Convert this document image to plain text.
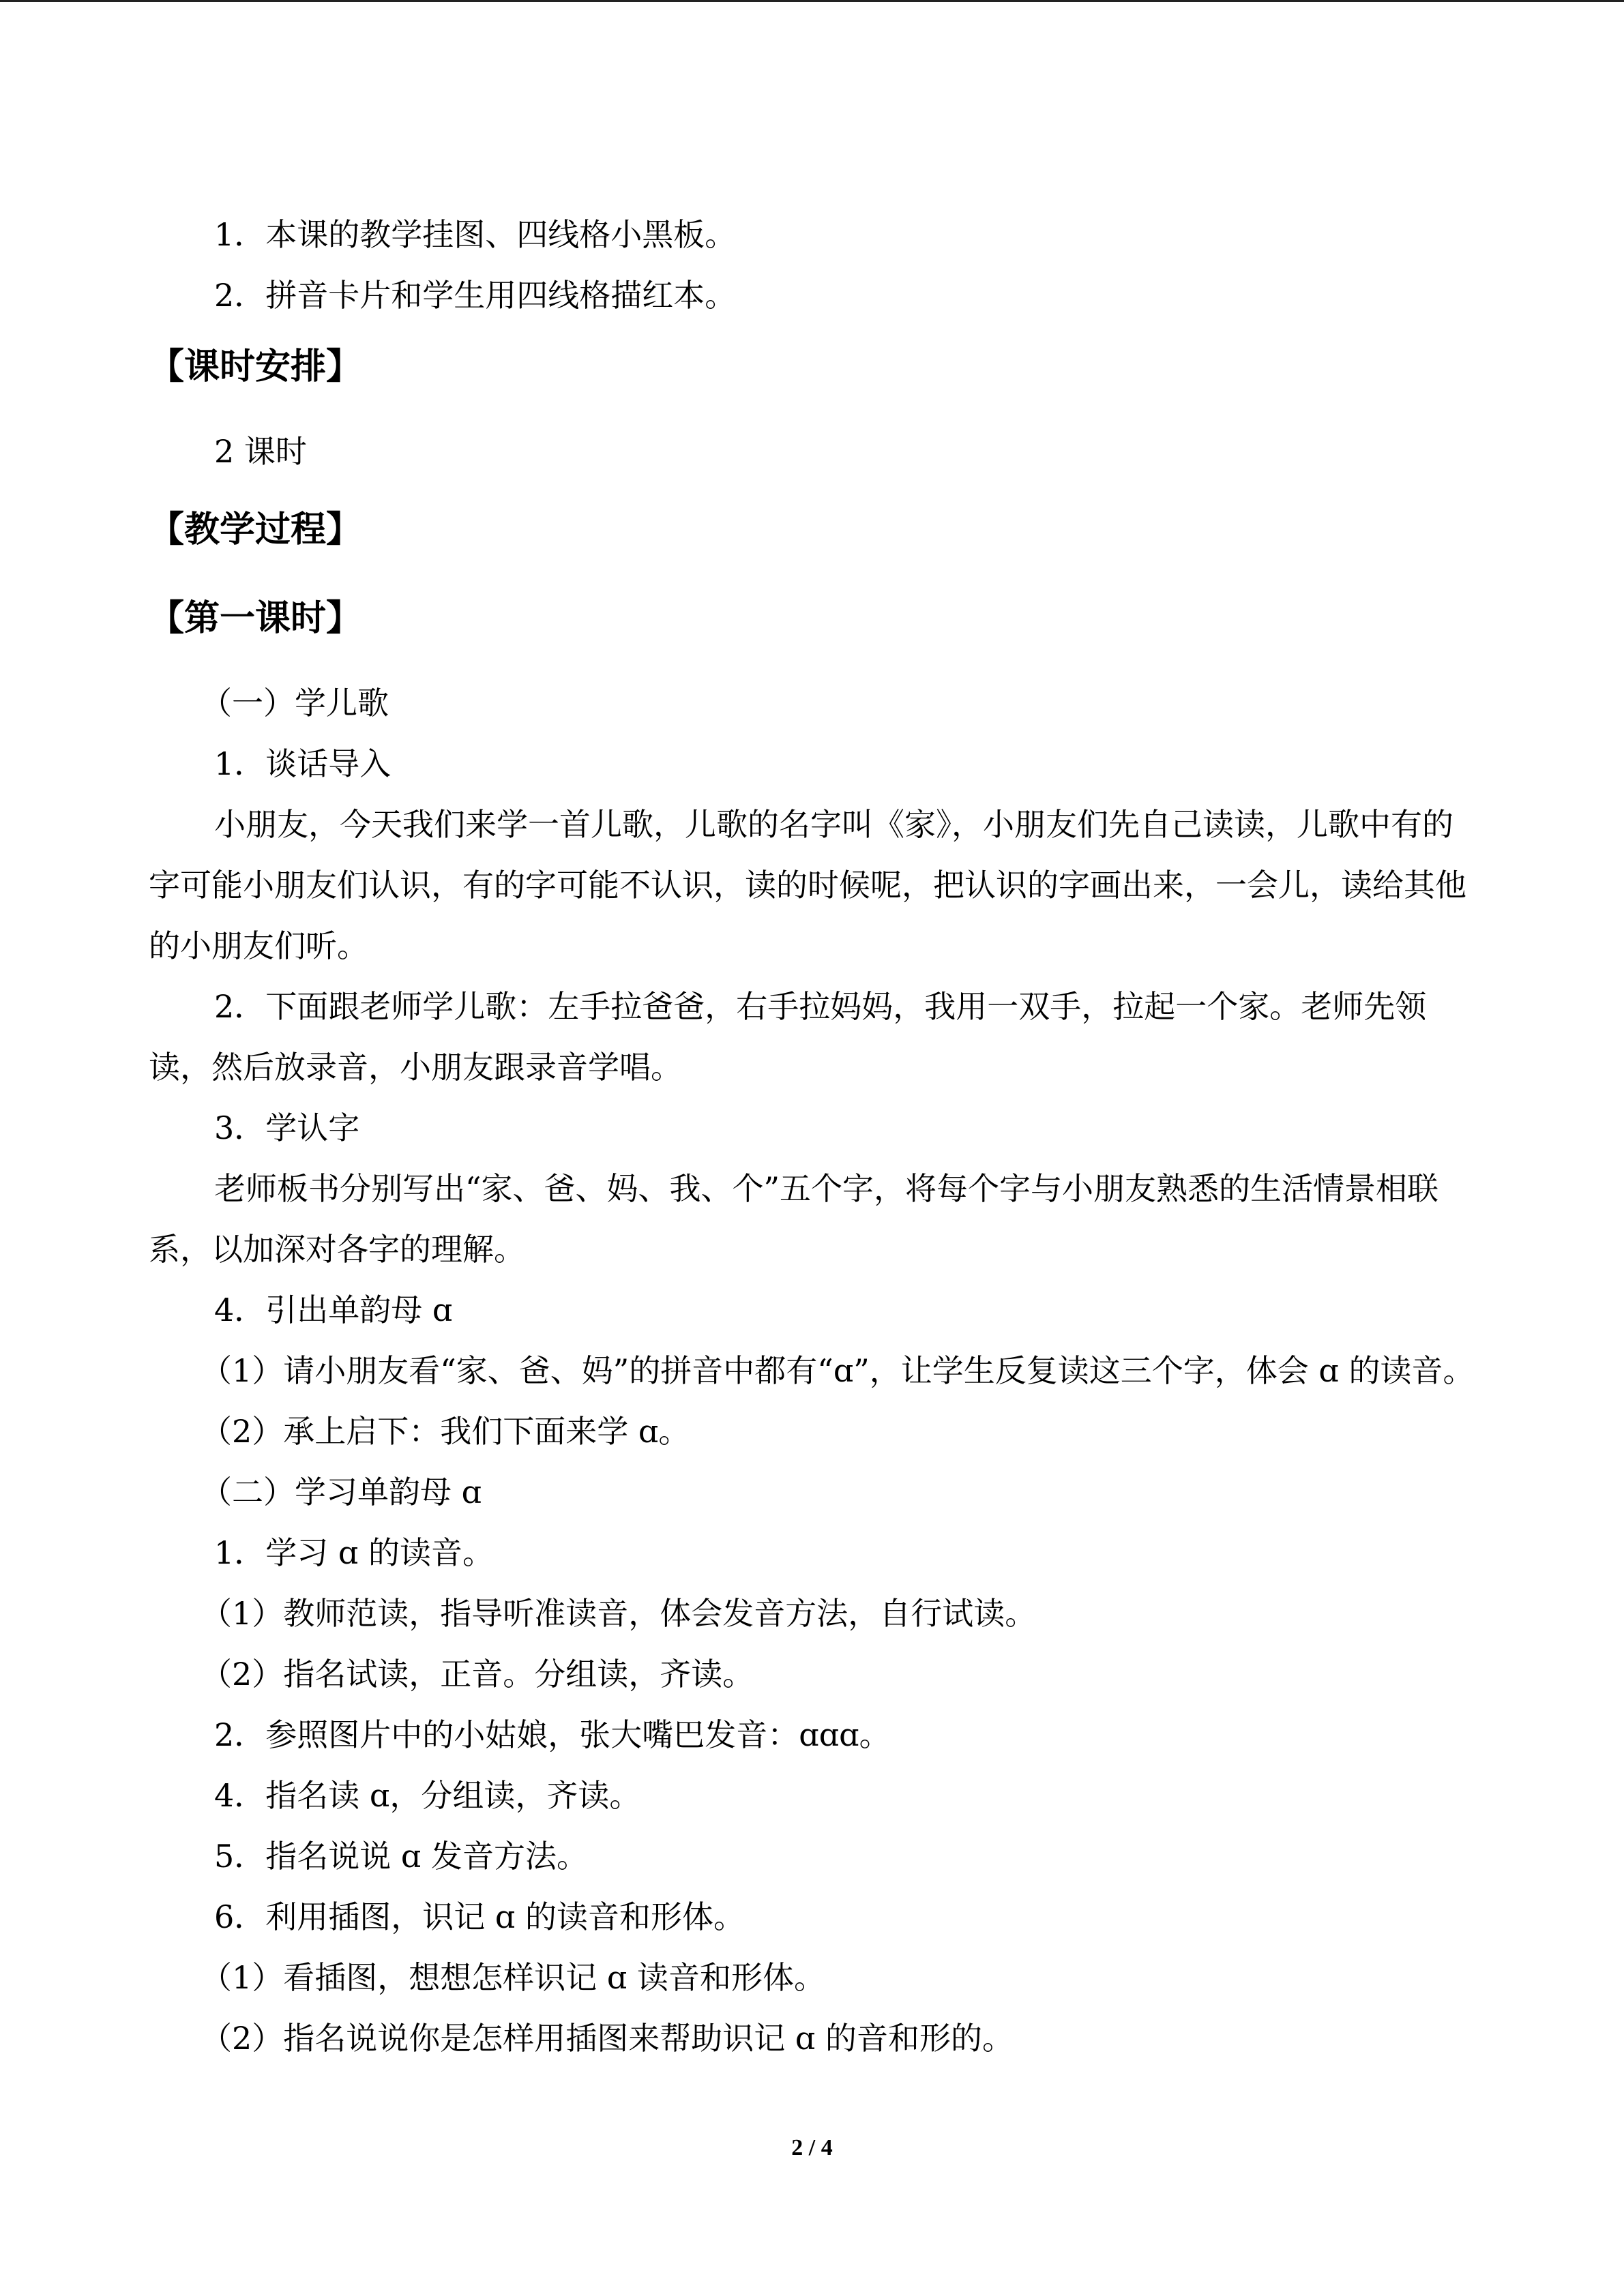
1．本课的教学挂图、四线格小黑板。

2．拼音卡片和学生用四线格描红本。

【课时安排】

2 课时

【教学过程】
【第一课时】

（一）学儿歌

1．谈话导入

小朋友，今天我们来学一首儿歌，儿歌的名字叫《家》，小朋友们先自己读读，儿歌中有的字可能小朋友们认识，有的字可能不认识，读的时候呢，把认识的字画出来，一会儿，读给其他的小朋友们听。

2．下面跟老师学儿歌：左手拉爸爸，右手拉妈妈，我用一双手，拉起一个家。老师先领读，然后放录音，小朋友跟录音学唱。

3．学认字

老师板书分别写出“家、爸、妈、我、个”五个字，将每个字与小朋友熟悉的生活情景相联系，以加深对各字的理解。

4．引出单韵母 ɑ

（1）请小朋友看“家、爸、妈”的拼音中都有“ɑ”，让学生反复读这三个字，体会 ɑ 的读音。

（2）承上启下：我们下面来学 ɑ。

（二）学习单韵母 ɑ

1．学习 ɑ 的读音。

（1）教师范读，指导听准读音，体会发音方法，自行试读。

（2）指名试读，正音。分组读，齐读。

2．参照图片中的小姑娘，张大嘴巴发音：ɑɑɑ。

4．指名读 ɑ，分组读，齐读。

5．指名说说 ɑ 发音方法。

6．利用插图，识记 ɑ 的读音和形体。

（1）看插图，想想怎样识记 ɑ 读音和形体。

（2）指名说说你是怎样用插图来帮助识记 ɑ 的音和形的。

2 / 4
